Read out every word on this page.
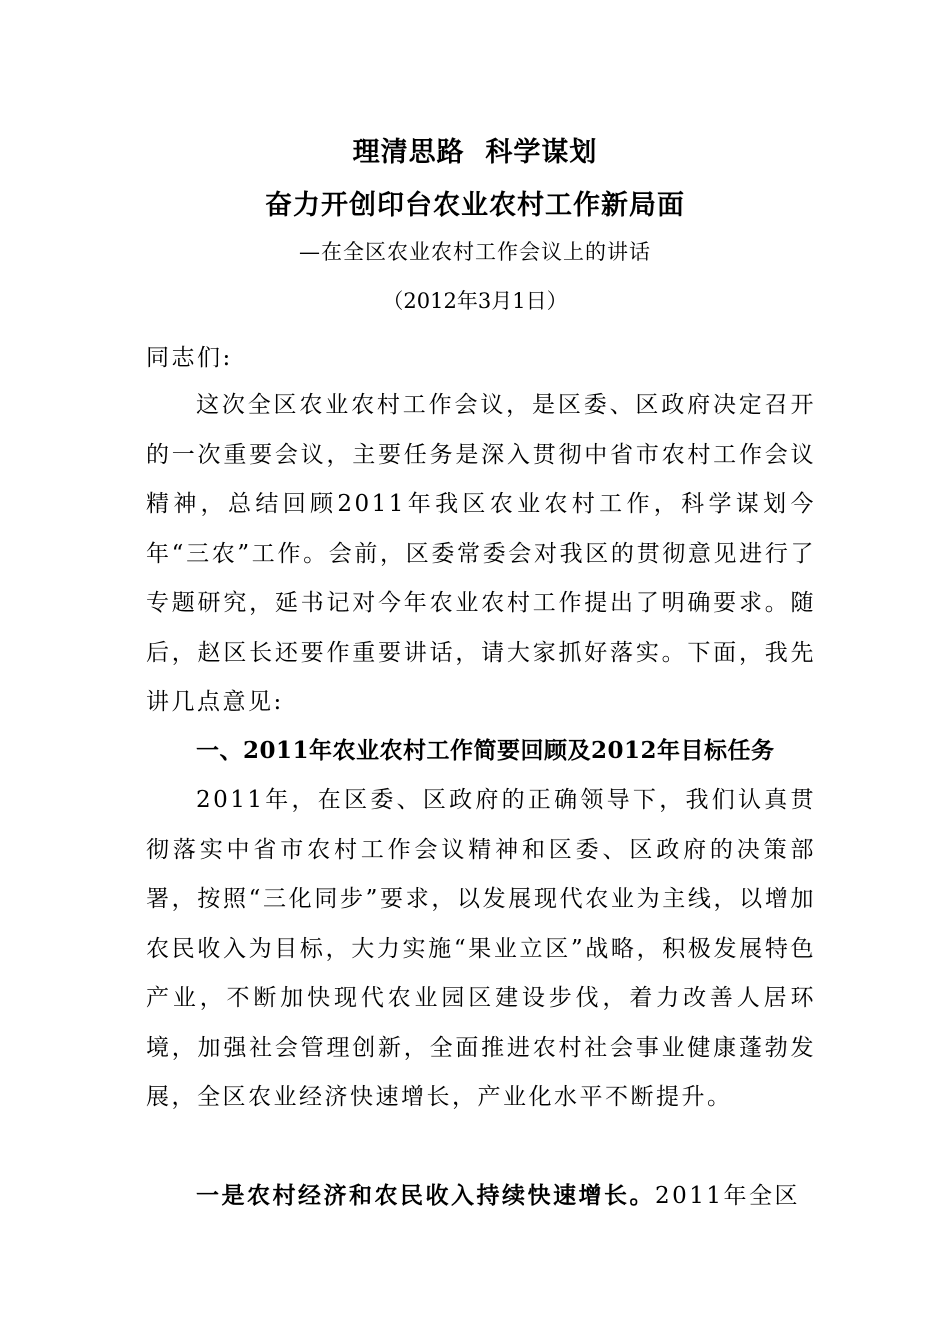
理清思路  科学谋划
奋力开创印台农业农村工作新局面
—在全区农业农村工作会议上的讲话
（2012年3月1日）
同志们:
这次全区农业农村工作会议，是区委、区政府决定召开的一次重要会议，主要任务是深入贯彻中省市农村工作会议精神，总结回顾2011年我区农业农村工作，科学谋划今年“三农”工作。会前，区委常委会对我区的贯彻意见进行了专题研究，延书记对今年农业农村工作提出了明确要求。随后，赵区长还要作重要讲话，请大家抓好落实。下面，我先讲几点意见:
一、2011年农业农村工作简要回顾及2012年目标任务
2011年，在区委、区政府的正确领导下，我们认真贯彻落实中省市农村工作会议精神和区委、区政府的决策部署，按照“三化同步”要求，以发展现代农业为主线，以增加农民收入为目标，大力实施“果业立区”战略，积极发展特色产业，不断加快现代农业园区建设步伐，着力改善人居环境，加强社会管理创新，全面推进农村社会事业健康蓬勃发展，全区农业经济快速增长，产业化水平不断提升。
一是农村经济和农民收入持续快速增长。2011年全区
